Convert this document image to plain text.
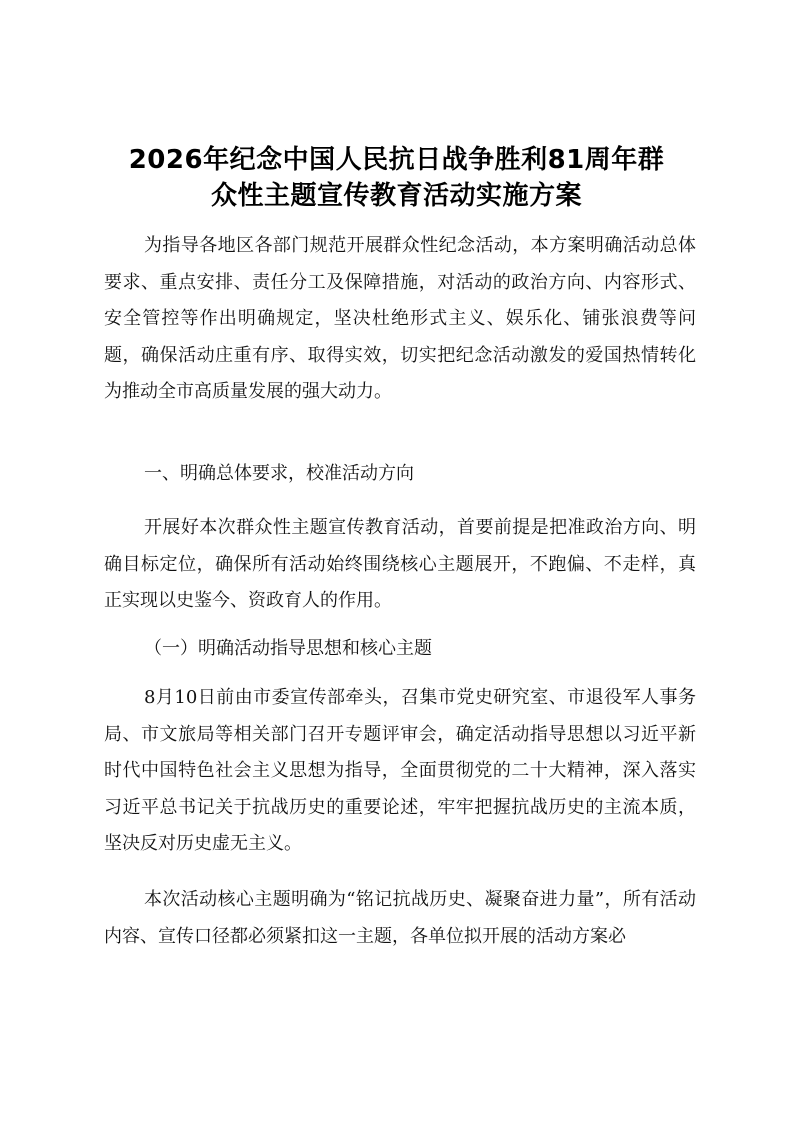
2026年纪念中国人民抗日战争胜利81周年群
众性主题宣传教育活动实施方案

为指导各地区各部门规范开展群众性纪念活动，本方案明确活动总体要求、重点安排、责任分工及保障措施，对活动的政治方向、内容形式、安全管控等作出明确规定，坚决杜绝形式主义、娱乐化、铺张浪费等问题，确保活动庄重有序、取得实效，切实把纪念活动激发的爱国热情转化为推动全市高质量发展的强大动力。

一、明确总体要求，校准活动方向

开展好本次群众性主题宣传教育活动，首要前提是把准政治方向、明确目标定位，确保所有活动始终围绕核心主题展开，不跑偏、不走样，真正实现以史鉴今、资政育人的作用。

（一）明确活动指导思想和核心主题

8月10日前由市委宣传部牵头，召集市党史研究室、市退役军人事务局、市文旅局等相关部门召开专题评审会，确定活动指导思想以习近平新时代中国特色社会主义思想为指导，全面贯彻党的二十大精神，深入落实习近平总书记关于抗战历史的重要论述，牢牢把握抗战历史的主流本质，坚决反对历史虚无主义。

本次活动核心主题明确为“铭记抗战历史、凝聚奋进力量”，所有活动内容、宣传口径都必须紧扣这一主题，各单位拟开展的活动方案必
